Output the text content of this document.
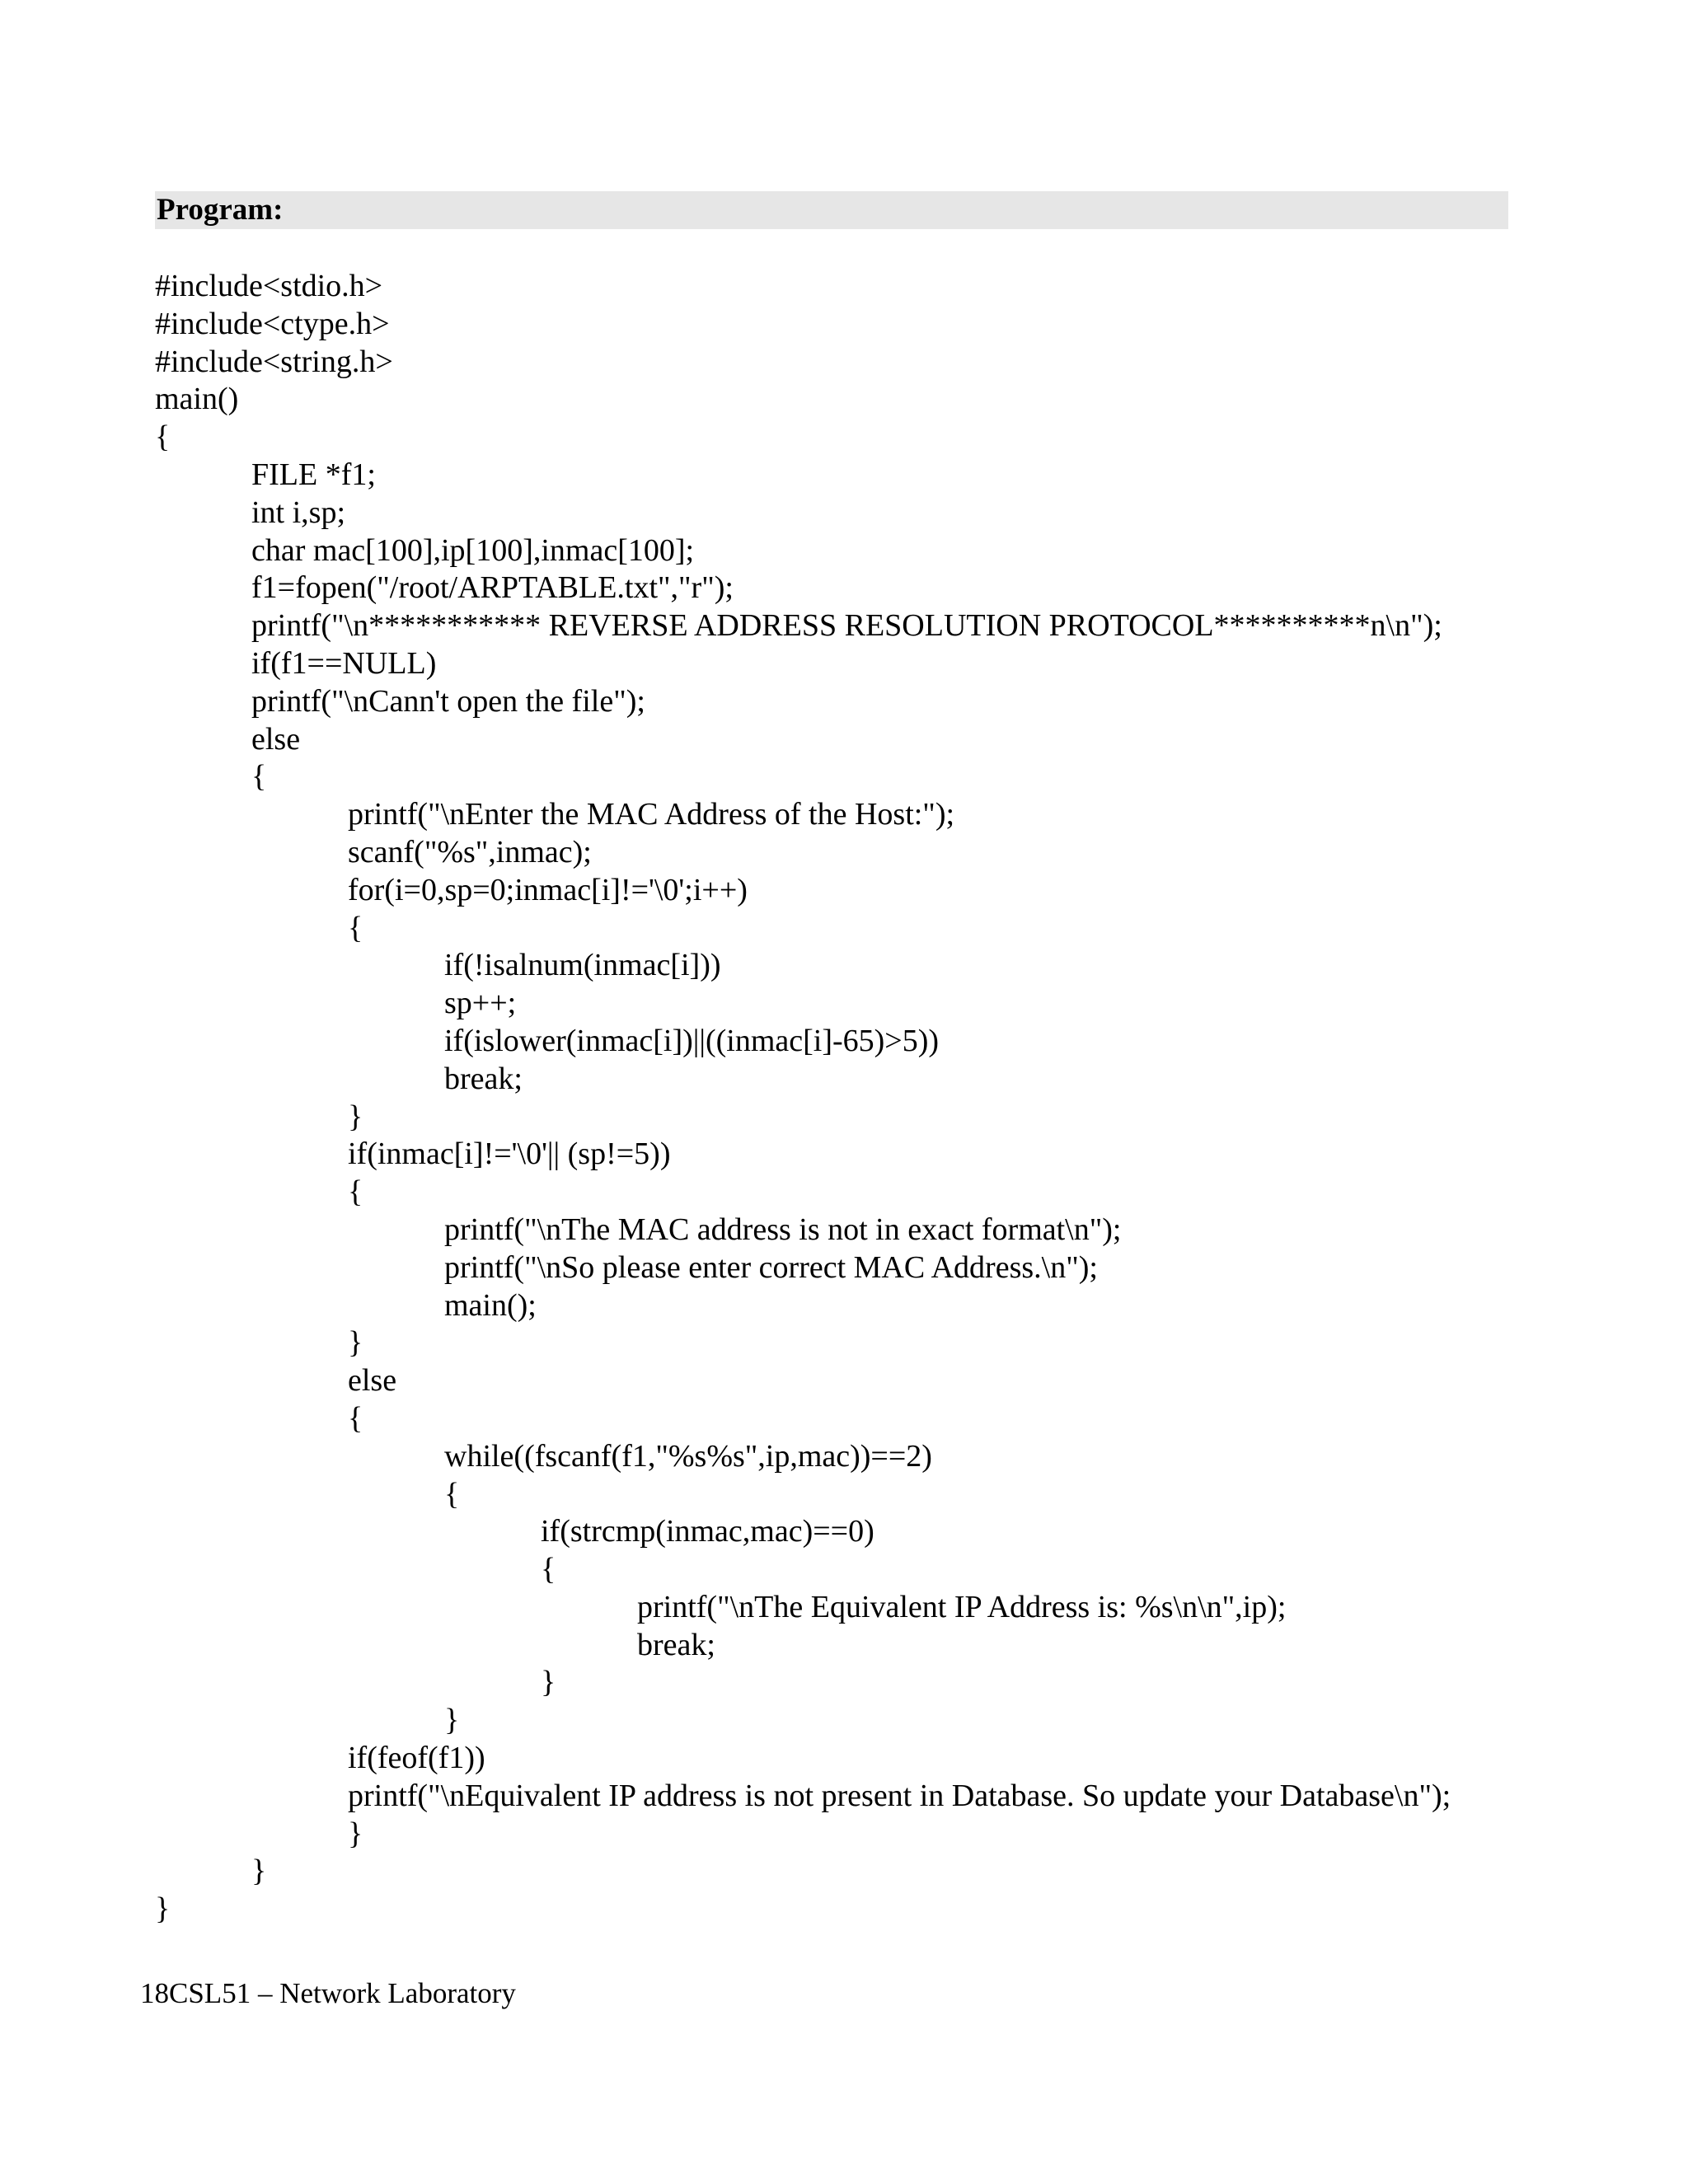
Program:
#include<stdio.h>
#include<ctype.h>
#include<string.h>
main()
{
FILE *f1;
int i,sp;
char mac[100],ip[100],inmac[100];
f1=fopen("/root/ARPTABLE.txt","r");
printf("\n*********** REVERSE ADDRESS RESOLUTION PROTOCOL**********n\n");
if(f1==NULL)
printf("\nCann't open the file");
else
{
printf("\nEnter the MAC Address of the Host:");
scanf("%s",inmac);
for(i=0,sp=0;inmac[i]!='\0';i++)
{
if(!isalnum(inmac[i]))
sp++;
if(islower(inmac[i])||((inmac[i]-65)>5))
break;
}
if(inmac[i]!='\0'|| (sp!=5))
{
printf("\nThe MAC address is not in exact format\n");
printf("\nSo please enter correct MAC Address.\n");
main();
}
else
{
while((fscanf(f1,"%s%s",ip,mac))==2)
{
if(strcmp(inmac,mac)==0)
{
printf("\nThe Equivalent IP Address is: %s\n\n",ip);
break;
}
}
if(feof(f1))
printf("\nEquivalent IP address is not present in Database. So update your Database\n");
}
}
}
18CSL51 – Network Laboratory
